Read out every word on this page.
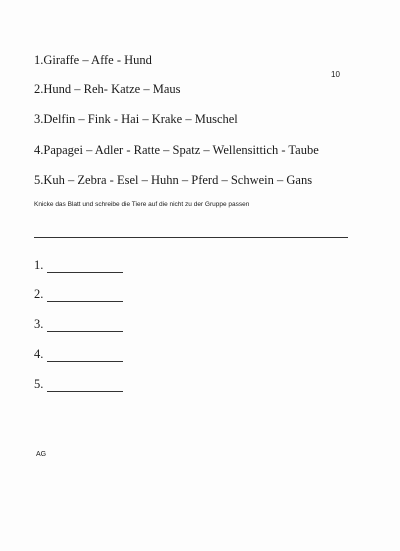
10
1.Giraffe – Affe - Hund
2.Hund – Reh- Katze – Maus
3.Delfin – Fink - Hai – Krake – Muschel
4.Papagei – Adler - Ratte – Spatz – Wellensittich - Taube
5.Kuh – Zebra - Esel – Huhn – Pferd – Schwein – Gans
Knicke das Blatt und schreibe die Tiere auf die nicht zu der Gruppe passen
1.
2.
3.
4.
5.
AG
